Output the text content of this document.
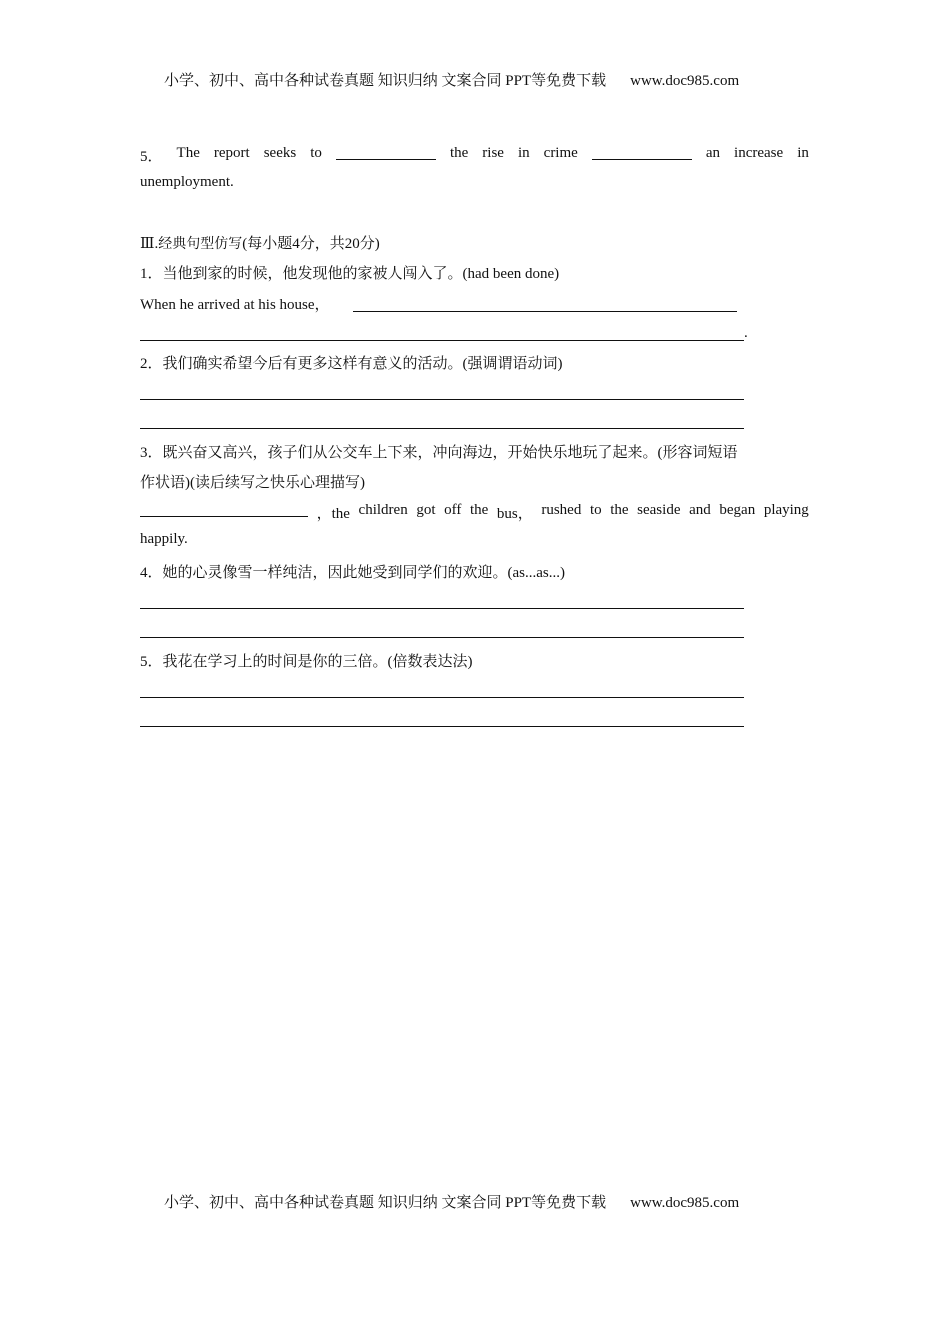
小学、初中、高中各种试卷真题 知识归纳 文案合同 PPT等免费下载 www.doc985.com
5． The report seeks to	the rise in crime	an increase in
unemployment.
Ⅲ.经典句型仿写(每小题4分，共20分)
1．当他到家的时候，他发现他的家被人闯入了。(had been done)
When he arrived at his house，
.
2．我们确实希望今后有更多这样有意义的活动。(强调谓语动词)
3．既兴奋又高兴，孩子们从公交车上下来，冲向海边，开始快乐地玩了起来。(形容词短语
作状语)(读后续写之快乐心理描写)
，the children got off the bus， rushed to the seaside and began playing
happily.
4．她的心灵像雪一样纯洁，因此她受到同学们的欢迎。(as...as...)
5．我花在学习上的时间是你的三倍。(倍数表达法)
小学、初中、高中各种试卷真题 知识归纳 文案合同 PPT等免费下载 www.doc985.com
